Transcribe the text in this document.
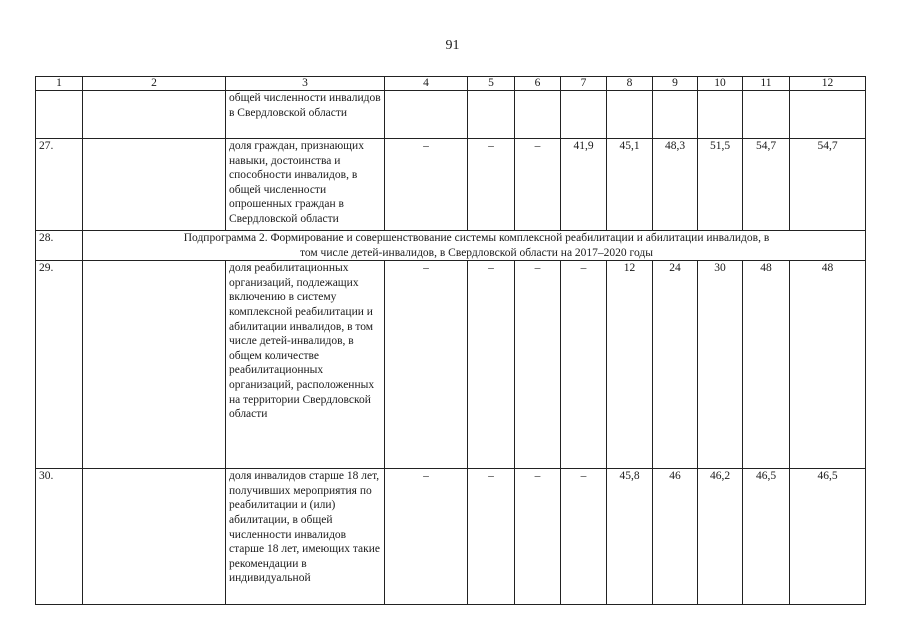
91
1	2	3	4	5	6	7	8	9	10	11	12
		общей численности инвалидов в Свердловской области									
27.		доля граждан, признающих навыки, достоинства и способности инвалидов, в общей численности опрошенных граждан в Свердловской области	–	–	–	41,9	45,1	48,3	51,5	54,7	54,7
28.	Подпрограмма 2. Формирование и совершенствование системы комплексной реабилитации и абилитации инвалидов, в том числе детей-инвалидов, в Свердловской области на 2017–2020 годы										
29.		доля реабилитационных организаций, подлежащих включению в систему комплексной реабилитации и абилитации инвалидов, в том числе детей-инвалидов, в общем количестве реабилитационных организаций, расположенных на территории Свердловской области	–	–	–	–	12	24	30	48	48
30.		доля инвалидов старше 18 лет, получивших мероприятия по реабилитации и (или) абилитации, в общей численности инвалидов старше 18 лет, имеющих такие рекомендации в индивидуальной	–	–	–	–	45,8	46	46,2	46,5	46,5
